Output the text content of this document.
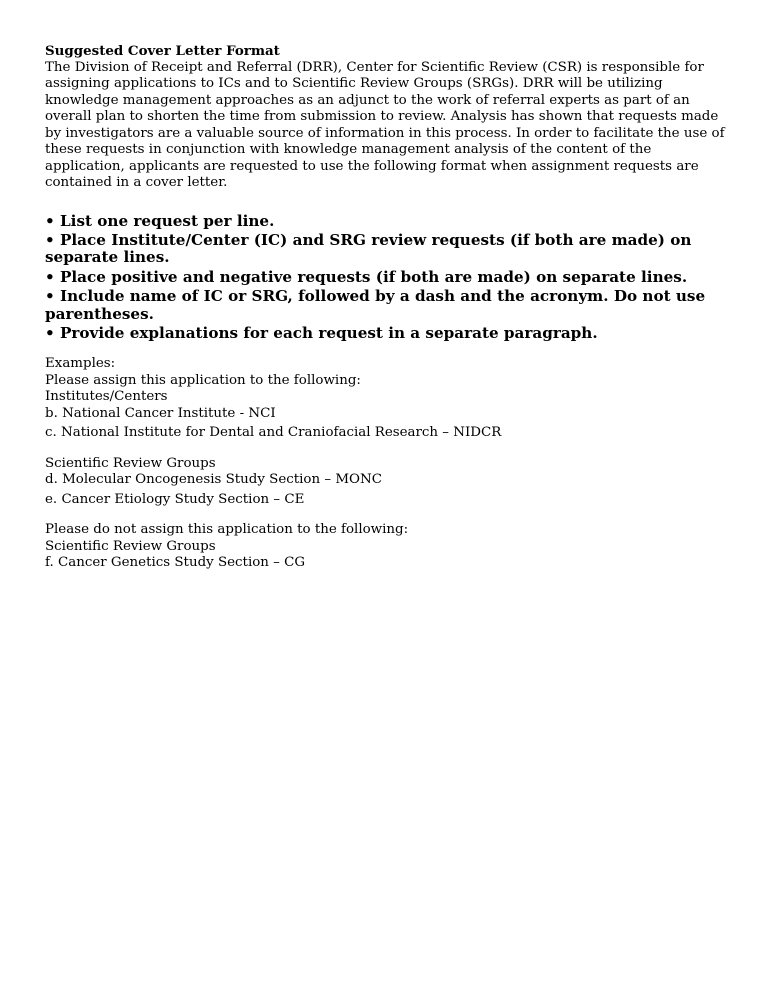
Suggested Cover Letter Format

The Division of Receipt and Referral (DRR), Center for Scientific Review (CSR) is responsible for assigning applications to ICs and to Scientific Review Groups (SRGs). DRR will be utilizing knowledge management approaches as an adjunct to the work of referral experts as part of an overall plan to shorten the time from submission to review. Analysis has shown that requests made by investigators are a valuable source of information in this process. In order to facilitate the use of these requests in conjunction with knowledge management analysis of the content of the application, applicants are requested to use the following format when assignment requests are contained in a cover letter.

• List one request per line.
• Place Institute/Center (IC) and SRG review requests (if both are made) on separate lines.
• Place positive and negative requests (if both are made) on separate lines.
• Include name of IC or SRG, followed by a dash and the acronym. Do not use parentheses.
• Provide explanations for each request in a separate paragraph.
Examples:
Please assign this application to the following:
Institutes/Centers
b. National Cancer Institute - NCI
c. National Institute for Dental and Craniofacial Research – NIDCR
Scientific Review Groups
d. Molecular Oncogenesis Study Section – MONC
e. Cancer Etiology Study Section – CE
Please do not assign this application to the following:
Scientific Review Groups
f. Cancer Genetics Study Section – CG
